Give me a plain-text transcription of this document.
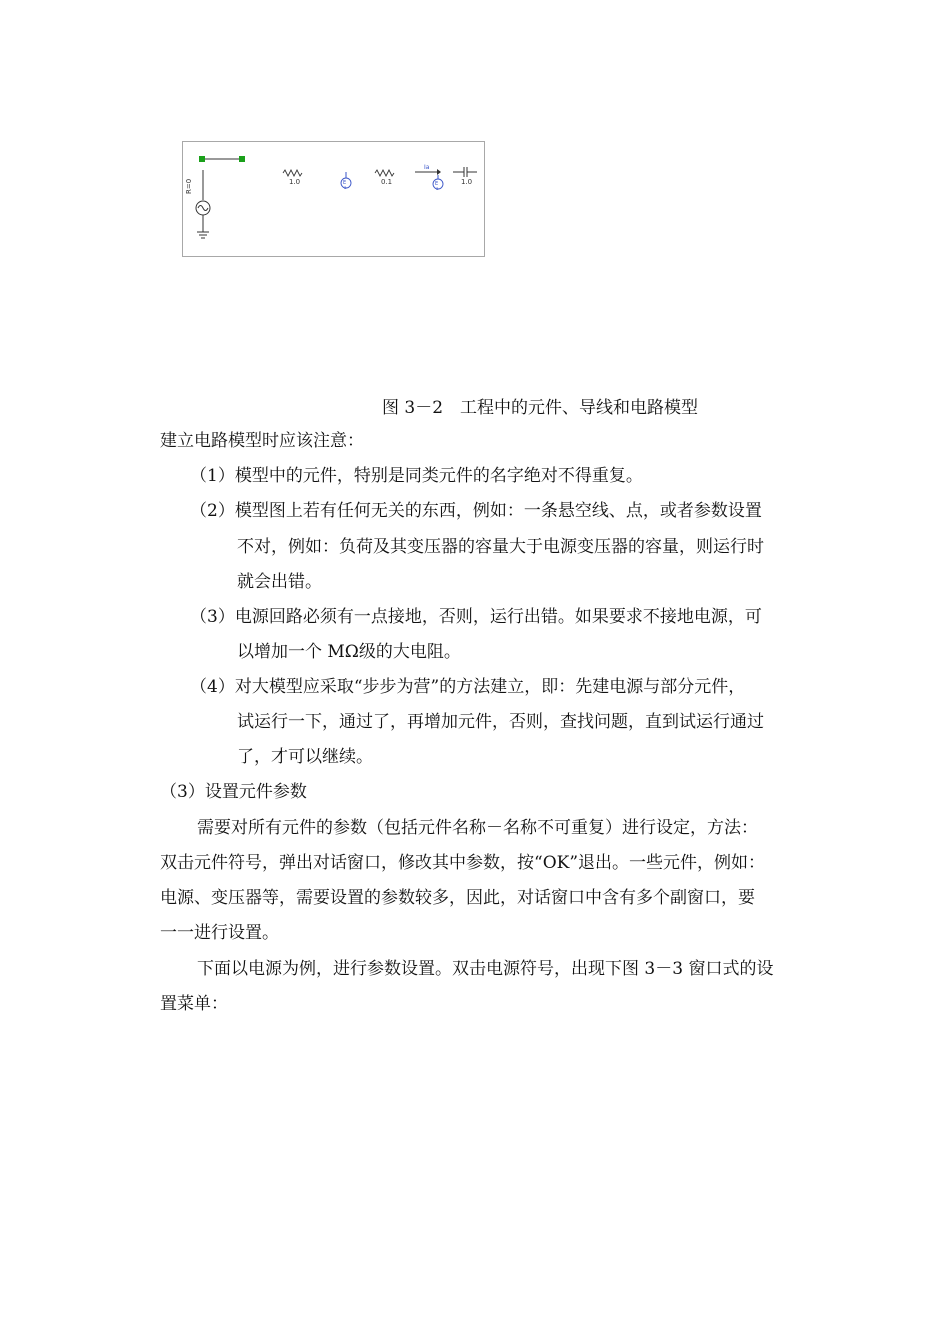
R=0	1.0	E
a
0.1
Ia
E
a
1.0
图 3－2　工程中的元件、导线和电路模型
建立电路模型时应该注意：
（1）模型中的元件，特别是同类元件的名字绝对不得重复。
（2）模型图上若有任何无关的东西，例如：一条悬空线、点，或者参数设置
不对，例如：负荷及其变压器的容量大于电源变压器的容量，则运行时
就会出错。
（3）电源回路必须有一点接地，否则，运行出错。如果要求不接地电源，可
以增加一个 MΩ级的大电阻。
（4）对大模型应采取“步步为营”的方法建立，即：先建电源与部分元件，
试运行一下，通过了，再增加元件，否则，查找问题，直到试运行通过
了，才可以继续。
（3）设置元件参数
需要对所有元件的参数（包括元件名称－名称不可重复）进行设定，方法：
双击元件符号，弹出对话窗口，修改其中参数，按“OK”退出。一些元件，例如：
电源、变压器等，需要设置的参数较多，因此，对话窗口中含有多个副窗口，要
一一进行设置。
下面以电源为例，进行参数设置。双击电源符号，出现下图 3－3 窗口式的设
置菜单：
